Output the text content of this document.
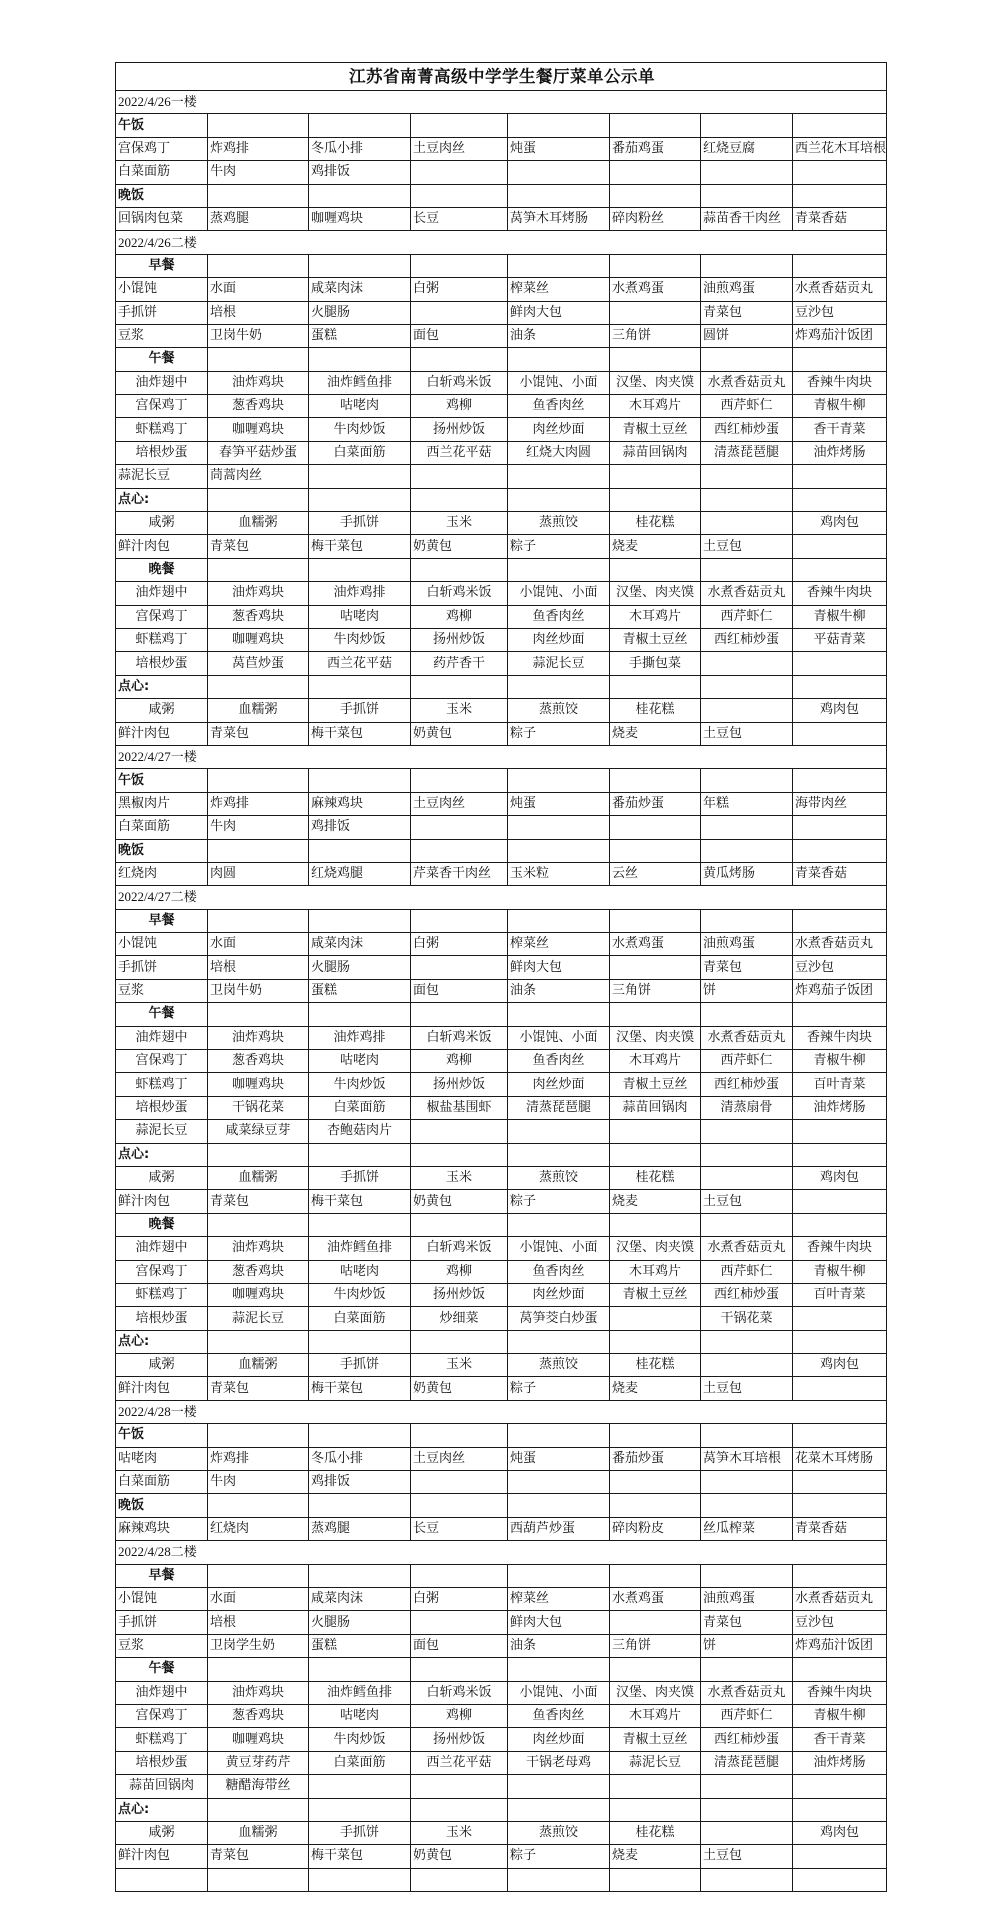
江苏省南菁高级中学学生餐厅菜单公示单							
2022/4/26一楼							
午饭							
宫保鸡丁	炸鸡排	冬瓜小排	土豆肉丝	炖蛋	番茄鸡蛋	红烧豆腐	西兰花木耳培根
白菜面筋	牛肉	鸡排饭					
晚饭							
回锅肉包菜	蒸鸡腿	咖喱鸡块	长豆	莴笋木耳烤肠	碎肉粉丝	蒜苗香干肉丝	青菜香菇
2022/4/26二楼							
早餐							
小馄饨	水面	咸菜肉沫	白粥	榨菜丝	水煮鸡蛋	油煎鸡蛋	水煮香菇贡丸
手抓饼	培根	火腿肠		鲜肉大包		青菜包	豆沙包
豆浆	卫岗牛奶	蛋糕	面包	油条	三角饼	圆饼	炸鸡茄汁饭团
午餐							
油炸翅中	油炸鸡块	油炸鳕鱼排	白斩鸡米饭	小馄饨、小面	汉堡、肉夹馍	水煮香菇贡丸	香辣牛肉块
宫保鸡丁	葱香鸡块	咕咾肉	鸡柳	鱼香肉丝	木耳鸡片	西芹虾仁	青椒牛柳
虾糕鸡丁	咖喱鸡块	牛肉炒饭	扬州炒饭	肉丝炒面	青椒土豆丝	西红柿炒蛋	香干青菜
培根炒蛋	春笋平菇炒蛋	白菜面筋	西兰花平菇	红烧大肉圆	蒜苗回锅肉	清蒸琵琶腿	油炸烤肠
蒜泥长豆	茼蒿肉丝						
点心:							
咸粥	血糯粥	手抓饼	玉米	蒸煎饺	桂花糕		鸡肉包
鲜汁肉包	青菜包	梅干菜包	奶黄包	粽子	烧麦	土豆包	
晚餐							
油炸翅中	油炸鸡块	油炸鸡排	白斩鸡米饭	小馄饨、小面	汉堡、肉夹馍	水煮香菇贡丸	香辣牛肉块
宫保鸡丁	葱香鸡块	咕咾肉	鸡柳	鱼香肉丝	木耳鸡片	西芹虾仁	青椒牛柳
虾糕鸡丁	咖喱鸡块	牛肉炒饭	扬州炒饭	肉丝炒面	青椒土豆丝	西红柿炒蛋	平菇青菜
培根炒蛋	莴苣炒蛋	西兰花平菇	药芹香干	蒜泥长豆	手撕包菜		
点心:							
咸粥	血糯粥	手抓饼	玉米	蒸煎饺	桂花糕		鸡肉包
鲜汁肉包	青菜包	梅干菜包	奶黄包	粽子	烧麦	土豆包	
2022/4/27一楼							
午饭							
黑椒肉片	炸鸡排	麻辣鸡块	土豆肉丝	炖蛋	番茄炒蛋	年糕	海带肉丝
白菜面筋	牛肉	鸡排饭					
晚饭							
红烧肉	肉圆	红烧鸡腿	芹菜香干肉丝	玉米粒	云丝	黄瓜烤肠	青菜香菇
2022/4/27二楼							
早餐							
小馄饨	水面	咸菜肉沫	白粥	榨菜丝	水煮鸡蛋	油煎鸡蛋	水煮香菇贡丸
手抓饼	培根	火腿肠		鲜肉大包		青菜包	豆沙包
豆浆	卫岗牛奶	蛋糕	面包	油条	三角饼	饼	炸鸡茄子饭团
午餐							
油炸翅中	油炸鸡块	油炸鸡排	白斩鸡米饭	小馄饨、小面	汉堡、肉夹馍	水煮香菇贡丸	香辣牛肉块
宫保鸡丁	葱香鸡块	咕咾肉	鸡柳	鱼香肉丝	木耳鸡片	西芹虾仁	青椒牛柳
虾糕鸡丁	咖喱鸡块	牛肉炒饭	扬州炒饭	肉丝炒面	青椒土豆丝	西红柿炒蛋	百叶青菜
培根炒蛋	干锅花菜	白菜面筋	椒盐基围虾	清蒸琵琶腿	蒜苗回锅肉	清蒸扇骨	油炸烤肠
蒜泥长豆	咸菜绿豆芽	杏鲍菇肉片					
点心:							
咸粥	血糯粥	手抓饼	玉米	蒸煎饺	桂花糕		鸡肉包
鲜汁肉包	青菜包	梅干菜包	奶黄包	粽子	烧麦	土豆包	
晚餐							
油炸翅中	油炸鸡块	油炸鳕鱼排	白斩鸡米饭	小馄饨、小面	汉堡、肉夹馍	水煮香菇贡丸	香辣牛肉块
宫保鸡丁	葱香鸡块	咕咾肉	鸡柳	鱼香肉丝	木耳鸡片	西芹虾仁	青椒牛柳
虾糕鸡丁	咖喱鸡块	牛肉炒饭	扬州炒饭	肉丝炒面	青椒土豆丝	西红柿炒蛋	百叶青菜
培根炒蛋	蒜泥长豆	白菜面筋	炒细菜	莴笋茭白炒蛋		干锅花菜	
点心:							
咸粥	血糯粥	手抓饼	玉米	蒸煎饺	桂花糕		鸡肉包
鲜汁肉包	青菜包	梅干菜包	奶黄包	粽子	烧麦	土豆包	
2022/4/28一楼							
午饭							
咕咾肉	炸鸡排	冬瓜小排	土豆肉丝	炖蛋	番茄炒蛋	莴笋木耳培根	花菜木耳烤肠
白菜面筋	牛肉	鸡排饭					
晚饭							
麻辣鸡块	红烧肉	蒸鸡腿	长豆	西葫芦炒蛋	碎肉粉皮	丝瓜榨菜	青菜香菇
2022/4/28二楼							
早餐							
小馄饨	水面	咸菜肉沫	白粥	榨菜丝	水煮鸡蛋	油煎鸡蛋	水煮香菇贡丸
手抓饼	培根	火腿肠		鲜肉大包		青菜包	豆沙包
豆浆	卫岗学生奶	蛋糕	面包	油条	三角饼	饼	炸鸡茄汁饭团
午餐							
油炸翅中	油炸鸡块	油炸鳕鱼排	白斩鸡米饭	小馄饨、小面	汉堡、肉夹馍	水煮香菇贡丸	香辣牛肉块
宫保鸡丁	葱香鸡块	咕咾肉	鸡柳	鱼香肉丝	木耳鸡片	西芹虾仁	青椒牛柳
虾糕鸡丁	咖喱鸡块	牛肉炒饭	扬州炒饭	肉丝炒面	青椒土豆丝	西红柿炒蛋	香干青菜
培根炒蛋	黄豆芽药芹	白菜面筋	西兰花平菇	干锅老母鸡	蒜泥长豆	清蒸琵琶腿	油炸烤肠
蒜苗回锅肉	糖醋海带丝						
点心:							
咸粥	血糯粥	手抓饼	玉米	蒸煎饺	桂花糕		鸡肉包
鲜汁肉包	青菜包	梅干菜包	奶黄包	粽子	烧麦	土豆包	
